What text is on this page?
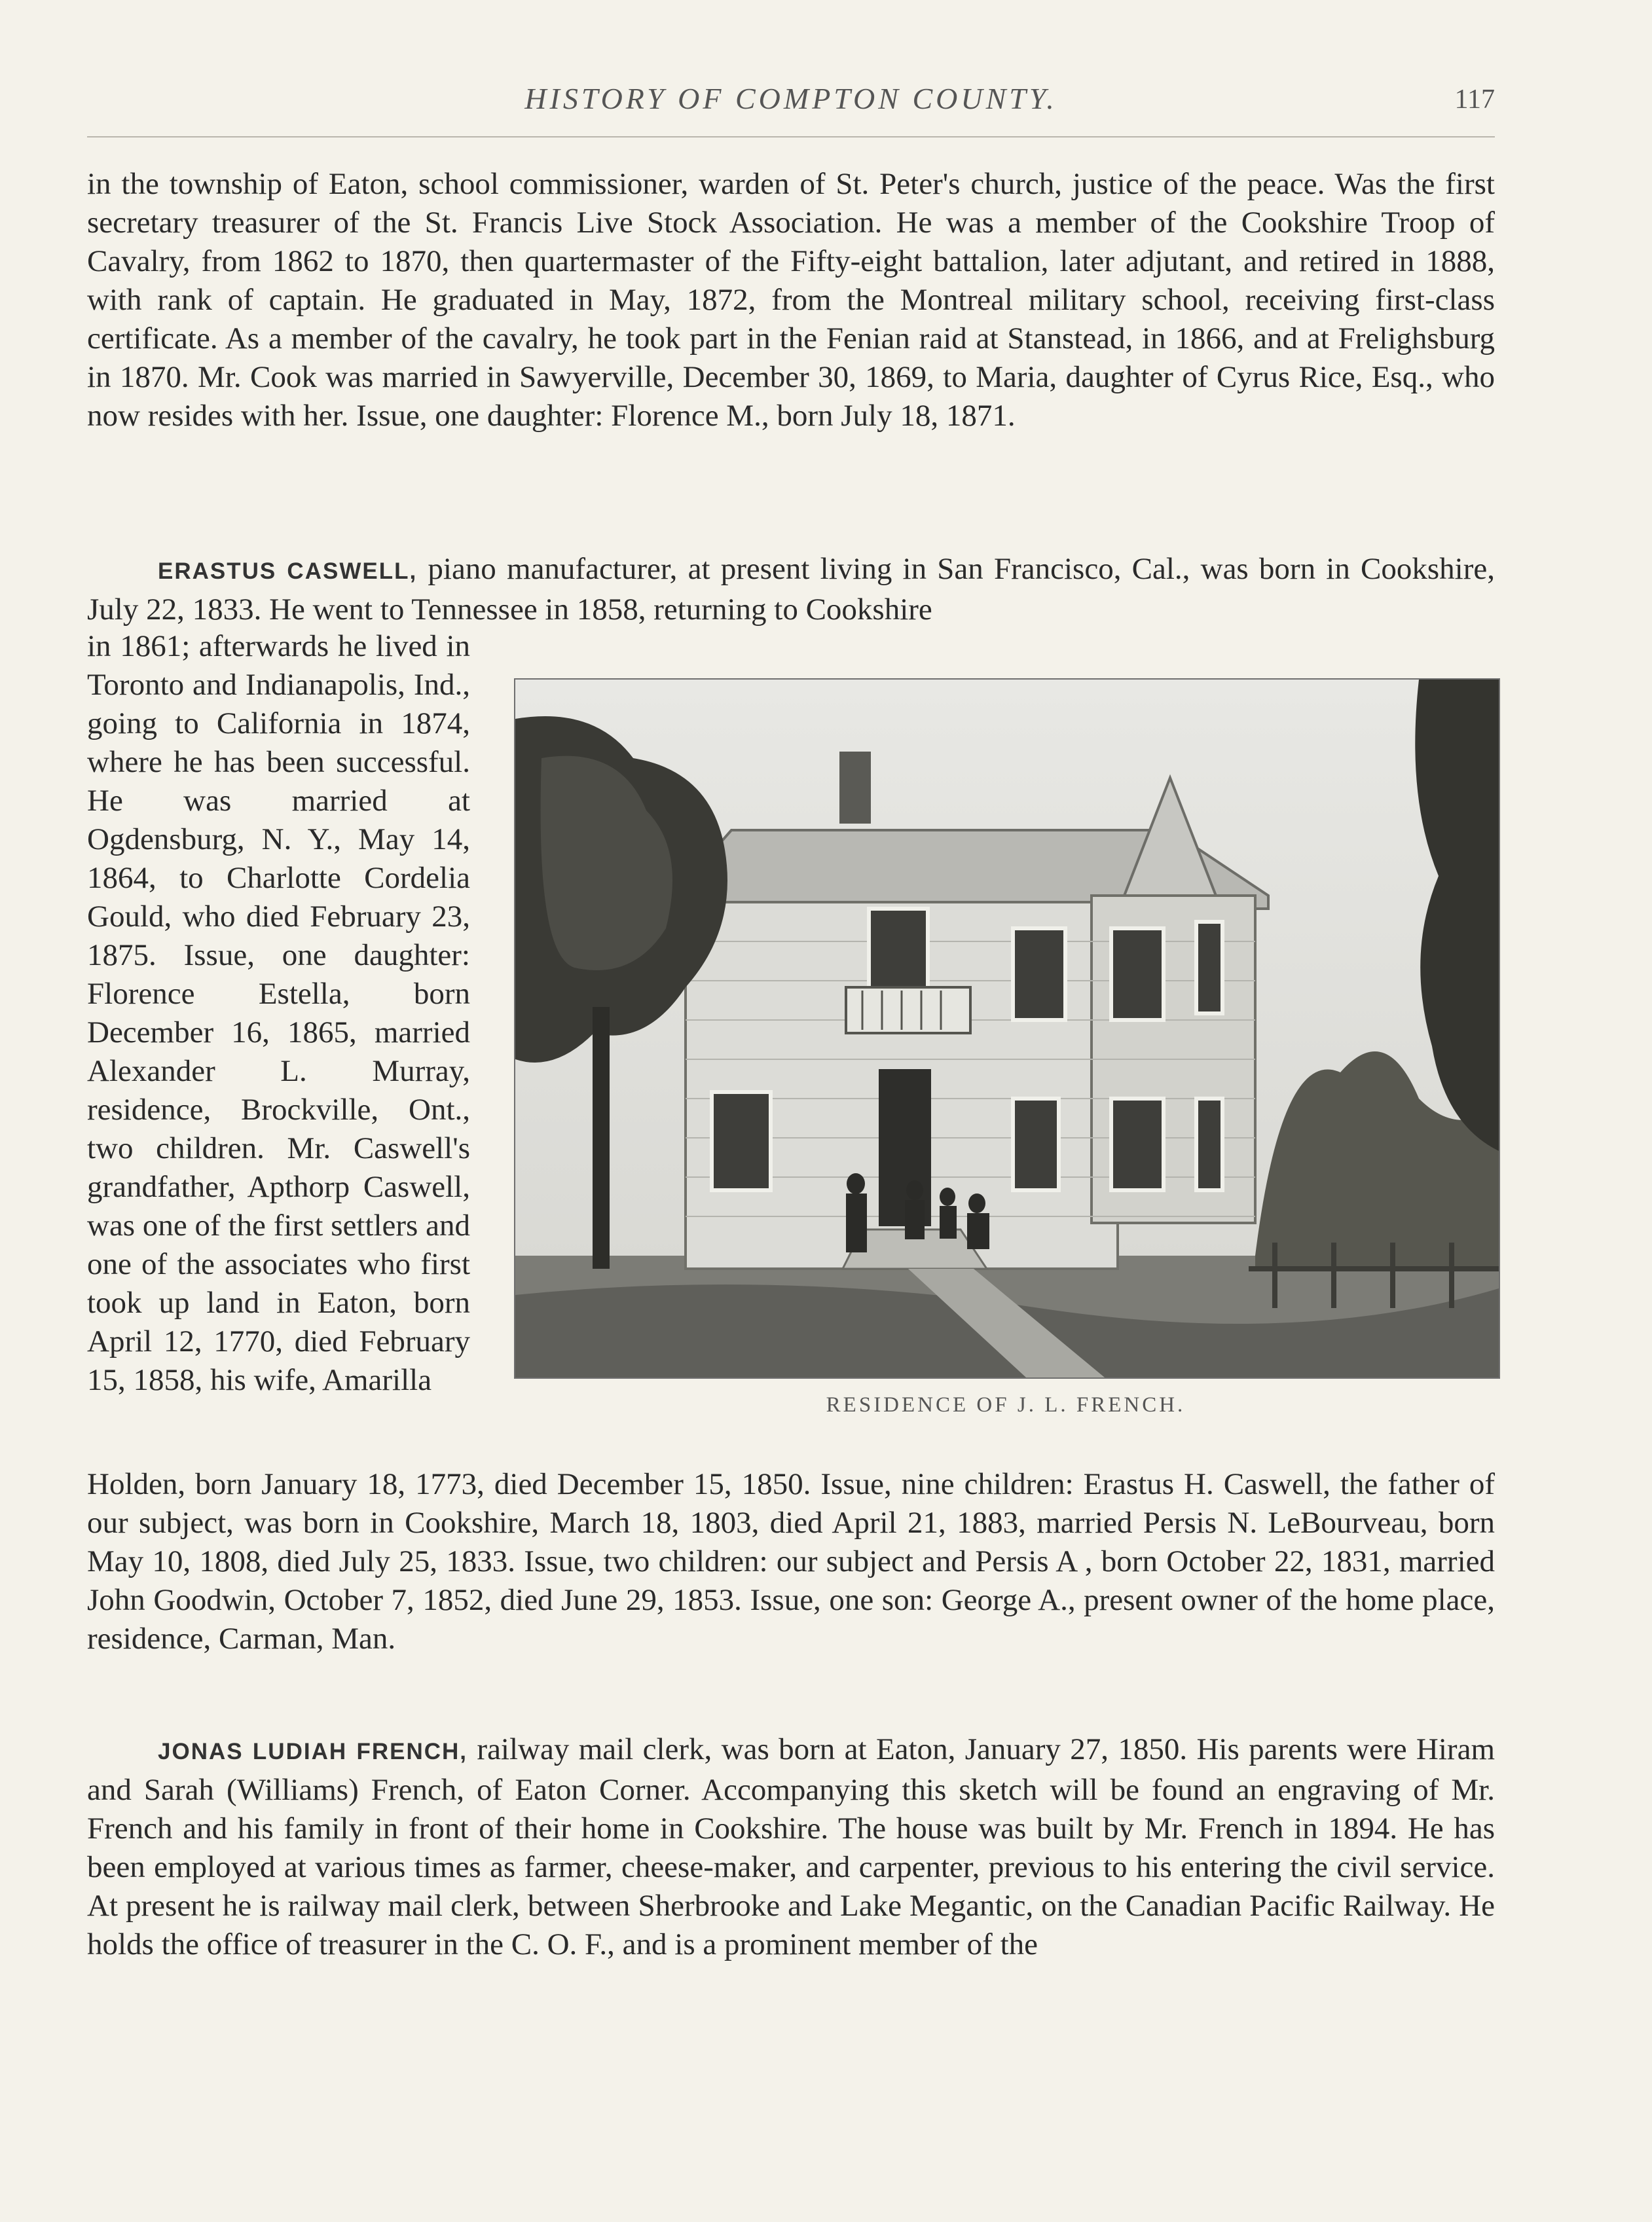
HISTORY OF COMPTON COUNTY.	117

in the township of Eaton, school commissioner, warden of St. Peter's church, justice of the peace. Was the first secretary treasurer of the St. Francis Live Stock Association. He was a member of the Cookshire Troop of Cavalry, from 1862 to 1870, then quartermaster of the Fifty-eight battalion, later adjutant, and retired in 1888, with rank of captain. He graduated in May, 1872, from the Montreal military school, receiving first-class certificate. As a member of the cavalry, he took part in the Fenian raid at Stanstead, in 1866, and at Frelighsburg in 1870. Mr. Cook was married in Sawyerville, December 30, 1869, to Maria, daughter of Cyrus Rice, Esq., who now resides with her. Issue, one daughter: Florence M., born July 18, 1871.

ERASTUS CASWELL, piano manufacturer, at present living in San Francisco, Cal., was born in Cookshire, July 22, 1833. He went to Tennessee in 1858, returning to Cookshire

in 1861; afterwards he lived in Toronto and Indianapolis, Ind., going to California in 1874, where he has been successful. He was married at Ogdensburg, N. Y., May 14, 1864, to Charlotte Cordelia Gould, who died February 23, 1875. Issue, one daughter: Florence Estella, born December 16, 1865, married Alexander L. Murray, residence, Brockville, Ont., two children. Mr. Caswell's grandfather, Apthorp Caswell, was one of the first settlers and one of the associates who first took up land in Eaton, born April 12, 1770, died February 15, 1858, his wife, Amarilla

RESIDENCE OF J. L. FRENCH.

Holden, born January 18, 1773, died December 15, 1850. Issue, nine children: Erastus H. Caswell, the father of our subject, was born in Cookshire, March 18, 1803, died April 21, 1883, married Persis N. LeBourveau, born May 10, 1808, died July 25, 1833. Issue, two children: our subject and Persis A , born October 22, 1831, married John Goodwin, October 7, 1852, died June 29, 1853. Issue, one son: George A., present owner of the home place, residence, Carman, Man.

JONAS LUDIAH FRENCH, railway mail clerk, was born at Eaton, January 27, 1850. His parents were Hiram and Sarah (Williams) French, of Eaton Corner. Accompanying this sketch will be found an engraving of Mr. French and his family in front of their home in Cookshire. The house was built by Mr. French in 1894. He has been employed at various times as farmer, cheese-maker, and carpenter, previous to his entering the civil service. At present he is railway mail clerk, between Sherbrooke and Lake Megantic, on the Canadian Pacific Railway. He holds the office of treasurer in the C. O. F., and is a prominent member of the
